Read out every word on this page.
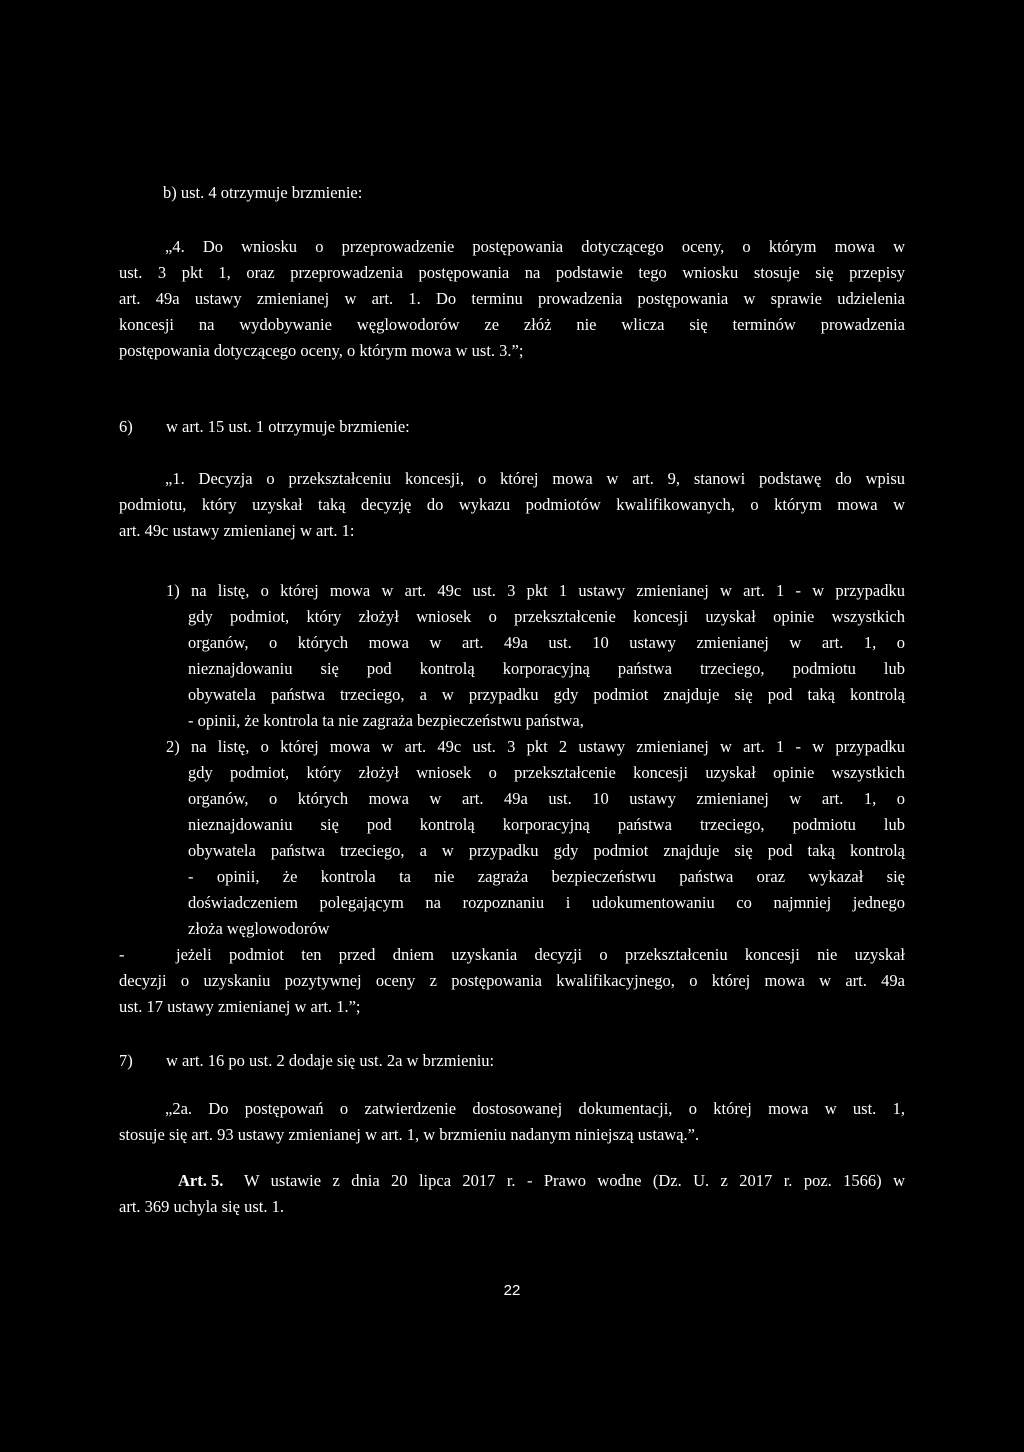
b) ust. 4 otrzymuje brzmienie:
„4. Do wniosku o przeprowadzenie postępowania dotyczącego oceny, o którym mowa w
ust. 3 pkt 1, oraz przeprowadzenia postępowania na podstawie tego wniosku stosuje się przepisy
art. 49a ustawy zmienianej w art. 1. Do terminu prowadzenia postępowania w sprawie udzielenia
koncesji na wydobywanie węglowodorów ze złóż nie wlicza się terminów prowadzenia
postępowania dotyczącego oceny, o którym mowa w ust. 3.”;
6) w art. 15 ust. 1 otrzymuje brzmienie:
„1. Decyzja o przekształceniu koncesji, o której mowa w art. 9, stanowi podstawę do wpisu
podmiotu, który uzyskał taką decyzję do wykazu podmiotów kwalifikowanych, o którym mowa w
art. 49c ustawy zmienianej w art. 1:
1) na listę, o której mowa w art. 49c ust. 3 pkt 1 ustawy zmienianej w art. 1 - w przypadku
gdy podmiot, który złożył wniosek o przekształcenie koncesji uzyskał opinie wszystkich
organów, o których mowa w art. 49a ust. 10 ustawy zmienianej w art. 1, o
nieznajdowaniu się pod kontrolą korporacyjną państwa trzeciego, podmiotu lub
obywatela państwa trzeciego, a w przypadku gdy podmiot znajduje się pod taką kontrolą
- opinii, że kontrola ta nie zagraża bezpieczeństwu państwa,
2) na listę, o której mowa w art. 49c ust. 3 pkt 2 ustawy zmienianej w art. 1 - w przypadku
gdy podmiot, który złożył wniosek o przekształcenie koncesji uzyskał opinie wszystkich
organów, o których mowa w art. 49a ust. 10 ustawy zmienianej w art. 1, o
nieznajdowaniu się pod kontrolą korporacyjną państwa trzeciego, podmiotu lub
obywatela państwa trzeciego, a w przypadku gdy podmiot znajduje się pod taką kontrolą
- opinii, że kontrola ta nie zagraża bezpieczeństwu państwa oraz wykazał się
doświadczeniem polegającym na rozpoznaniu i udokumentowaniu co najmniej jednego
złoża węglowodorów
-	jeżeli podmiot ten przed dniem uzyskania decyzji o przekształceniu koncesji nie uzyskał
decyzji o uzyskaniu pozytywnej oceny z postępowania kwalifikacyjnego, o której mowa w art. 49a
ust. 17 ustawy zmienianej w art. 1.”;
7) w art. 16 po ust. 2 dodaje się ust. 2a w brzmieniu:
„2a. Do postępowań o zatwierdzenie dostosowanej dokumentacji, o której mowa w ust. 1,
stosuje się art. 93 ustawy zmienianej w art. 1, w brzmieniu nadanym niniejszą ustawą.”.
Art. 5. W ustawie z dnia 20 lipca 2017 r. - Prawo wodne (Dz. U. z 2017 r. poz. 1566) w
art. 369 uchyla się ust. 1.
22
